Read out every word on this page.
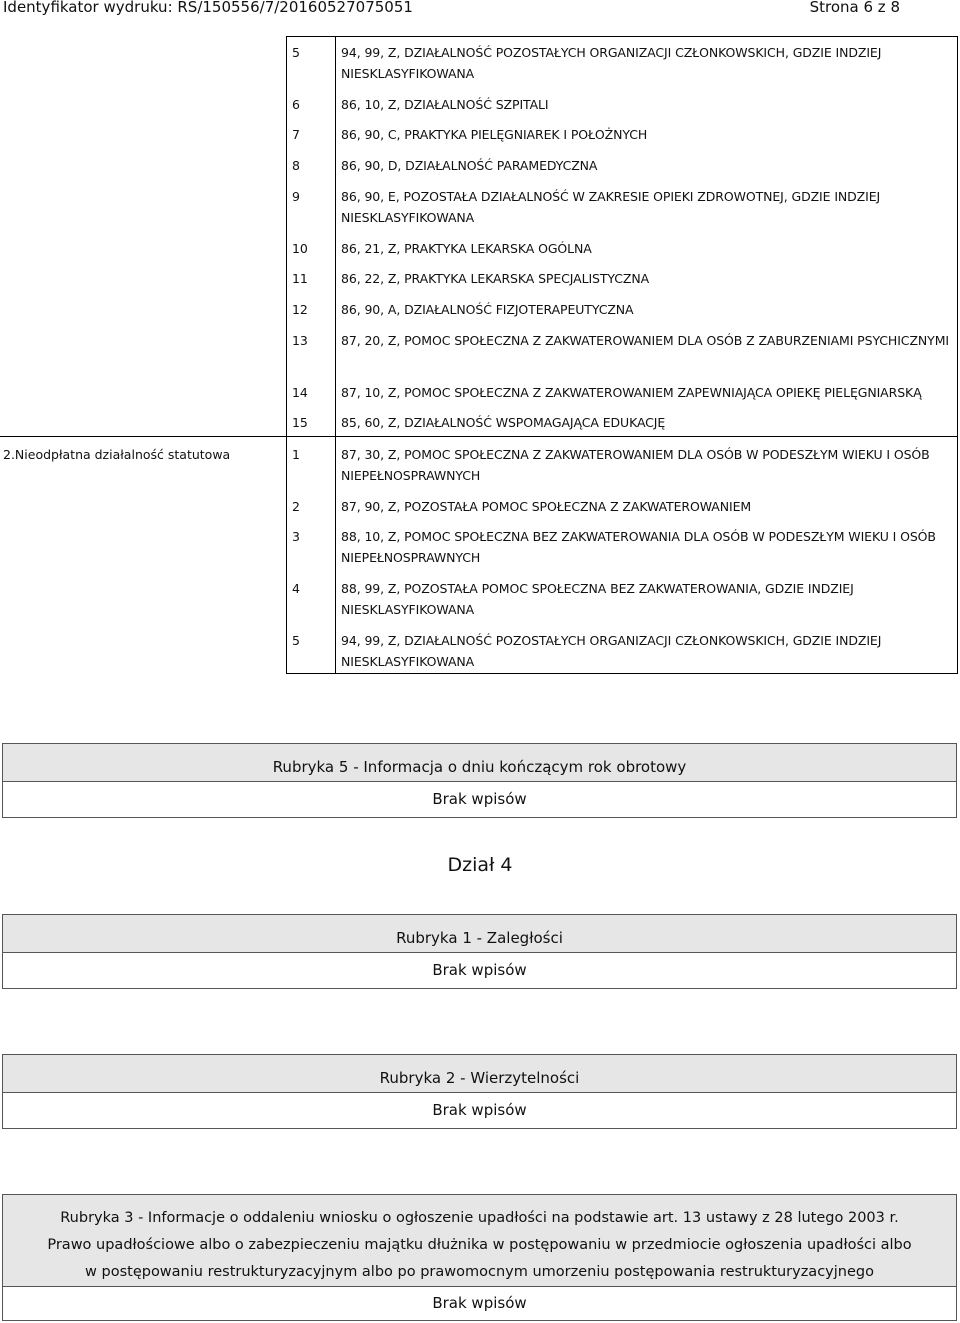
Identyfikator wydruku: RS/150556/7/20160527075051	Strona 6 z 8
5	94, 99, Z, DZIAŁALNOŚĆ POZOSTAŁYCH ORGANIZACJI CZŁONKOWSKICH, GDZIE INDZIEJ NIESKLASYFIKOWANA
6	86, 10, Z, DZIAŁALNOŚĆ SZPITALI
7	86, 90, C, PRAKTYKA PIELĘGNIAREK I POŁOŻNYCH
8	86, 90, D, DZIAŁALNOŚĆ PARAMEDYCZNA
9	86, 90, E, POZOSTAŁA DZIAŁALNOŚĆ W ZAKRESIE OPIEKI ZDROWOTNEJ, GDZIE INDZIEJ NIESKLASYFIKOWANA
10	86, 21, Z, PRAKTYKA LEKARSKA OGÓLNA
11	86, 22, Z, PRAKTYKA LEKARSKA SPECJALISTYCZNA
12	86, 90, A, DZIAŁALNOŚĆ FIZJOTERAPEUTYCZNA
13	87, 20, Z, POMOC SPOŁECZNA Z ZAKWATEROWANIEM DLA OSÓB Z ZABURZENIAMI PSYCHICZNYMI
14	87, 10, Z, POMOC SPOŁECZNA Z ZAKWATEROWANIEM ZAPEWNIAJĄCA OPIEKĘ PIELĘGNIARSKĄ
15	85, 60, Z, DZIAŁALNOŚĆ WSPOMAGAJĄCA EDUKACJĘ
2.Nieodpłatna działalność statutowa	1	87, 30, Z, POMOC SPOŁECZNA Z ZAKWATEROWANIEM DLA OSÓB W PODESZŁYM WIEKU I OSÓB NIEPEŁNOSPRAWNYCH
2	87, 90, Z, POZOSTAŁA POMOC SPOŁECZNA Z ZAKWATEROWANIEM
3	88, 10, Z, POMOC SPOŁECZNA BEZ ZAKWATEROWANIA DLA OSÓB W PODESZŁYM WIEKU I OSÓB NIEPEŁNOSPRAWNYCH
4	88, 99, Z, POZOSTAŁA POMOC SPOŁECZNA BEZ ZAKWATEROWANIA, GDZIE INDZIEJ NIESKLASYFIKOWANA
5	94, 99, Z, DZIAŁALNOŚĆ POZOSTAŁYCH ORGANIZACJI CZŁONKOWSKICH, GDZIE INDZIEJ NIESKLASYFIKOWANA
Rubryka 5 - Informacja o dniu kończącym rok obrotowy
Brak wpisów
Dział 4
Rubryka 1 - Zaległości
Brak wpisów
Rubryka 2 - Wierzytelności
Brak wpisów
Rubryka 3 - Informacje o oddaleniu wniosku o ogłoszenie upadłości na podstawie art. 13 ustawy z 28 lutego 2003 r.
Prawo upadłościowe albo o zabezpieczeniu majątku dłużnika w postępowaniu w przedmiocie ogłoszenia upadłości albo
w postępowaniu restrukturyzacyjnym albo po prawomocnym umorzeniu postępowania restrukturyzacyjnego
Brak wpisów
